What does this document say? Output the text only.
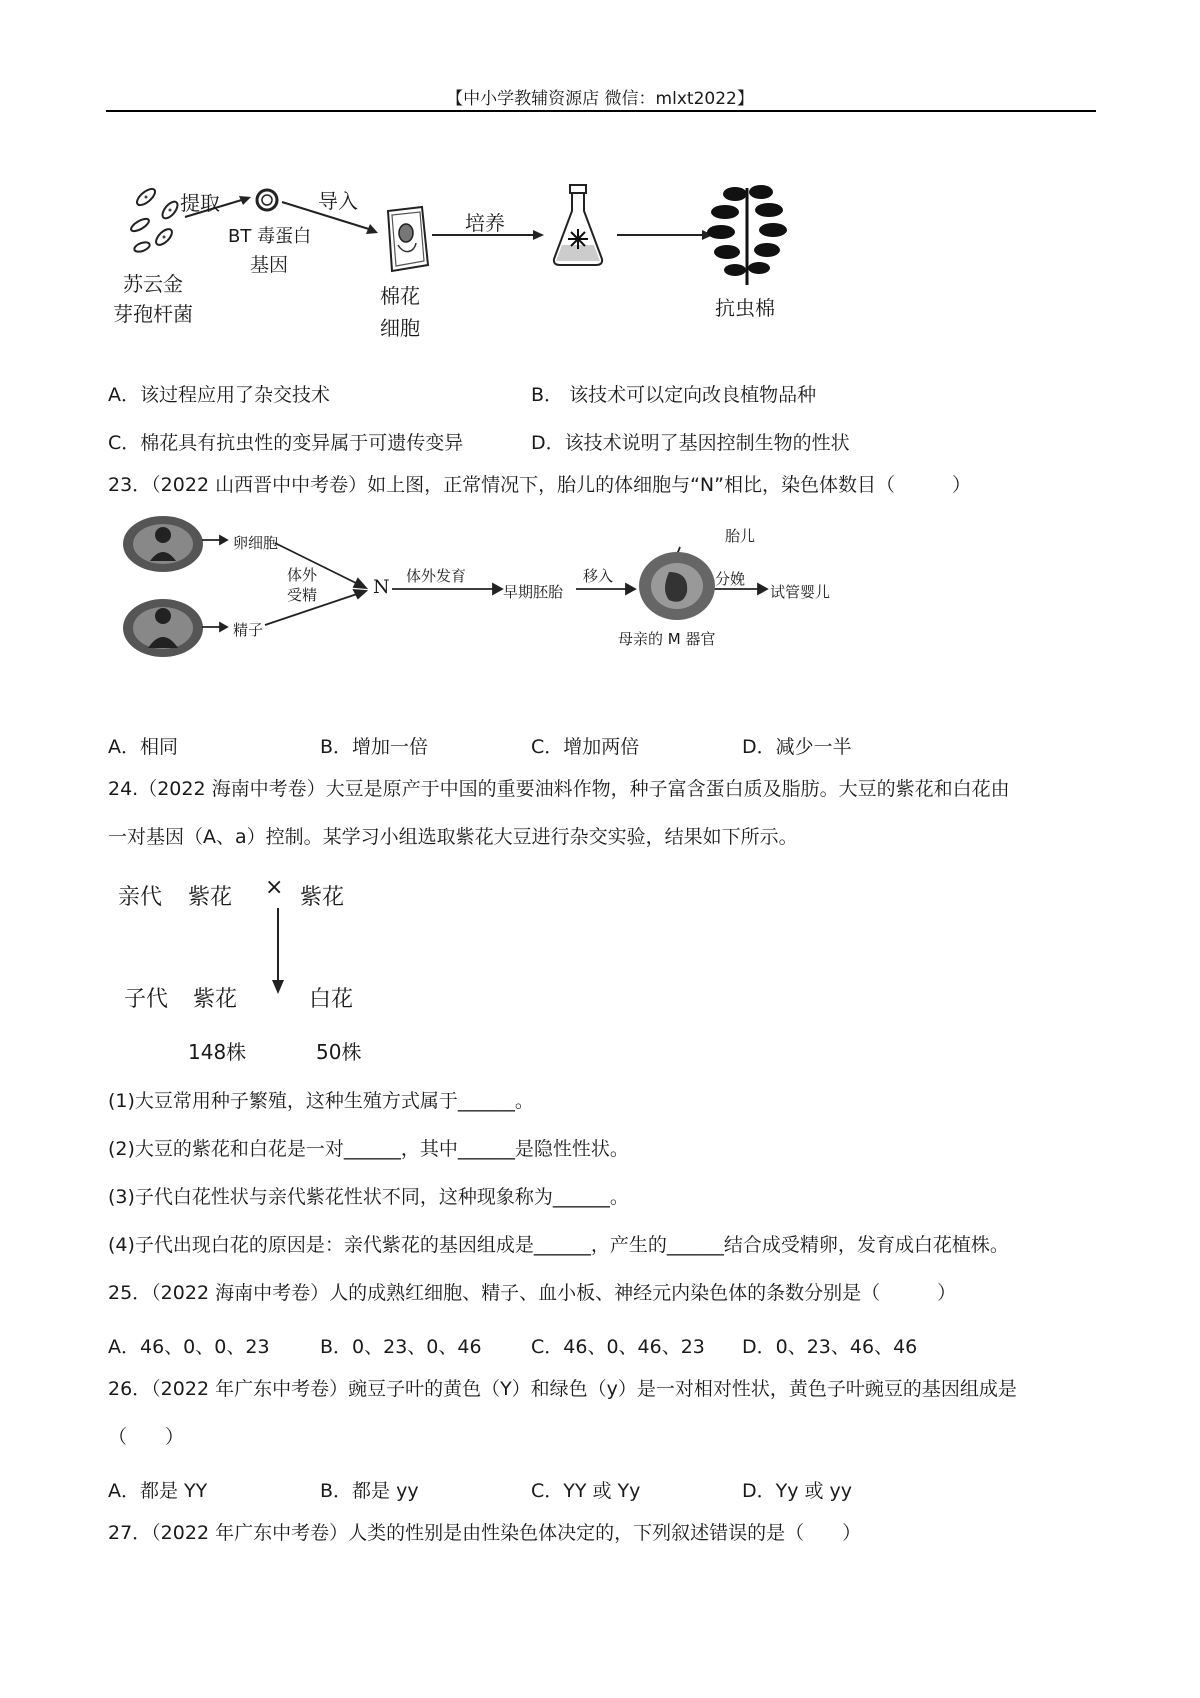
【中小学教辅资源店 微信：mlxt2022】
提取
BT 毒蛋白
基因
导入
苏云金
芽孢杆菌
棉花
细胞
培养
抗虫棉
A．该过程应用了杂交技术	B． 该技术可以定向改良植物品种
C．棉花具有抗虫性的变异属于可遗传变异	D．该技术说明了基因控制生物的性状
23．（2022 山西晋中中考卷）如上图，正常情况下，胎儿的体细胞与“N”相比，染色体数目（　　　）
卵细胞
精子
体外
受精	N 体外发育
早期胚胎
移入
胎儿
分娩
试管婴儿
母亲的 M 器官
A．相同	B．增加一倍	C．增加两倍	D．减少一半
24.（2022 海南中考卷）大豆是原产于中国的重要油料作物，种子富含蛋白质及脂肪。大豆的紫花和白花由
一对基因（A、a）控制。某学习小组选取紫花大豆进行杂交实验，结果如下所示。
亲代 紫花 × 紫花
子代 紫花	白花
148株	50株
(1)大豆常用种子繁殖，这种生殖方式属于______。
(2)大豆的紫花和白花是一对______，其中______是隐性性状。
(3)子代白花性状与亲代紫花性状不同，这种现象称为______。
(4)子代出现白花的原因是：亲代紫花的基因组成是______，产生的______结合成受精卵，发育成白花植株。
25．（2022 海南中考卷）人的成熟红细胞、精子、血小板、神经元内染色体的条数分别是（　　　）
A．46、0、0、23	B．0、23、0、46	C．46、0、46、23 D．0、23、46、46
26．（2022 年广东中考卷）豌豆子叶的黄色（Y）和绿色（y）是一对相对性状，黄色子叶豌豆的基因组成是
（　　）
A．都是 YY	B．都是 yy	C．YY 或 Yy	D．Yy 或 yy
27．（2022 年广东中考卷）人类的性别是由性染色体决定的，下列叙述错误的是（　　）
